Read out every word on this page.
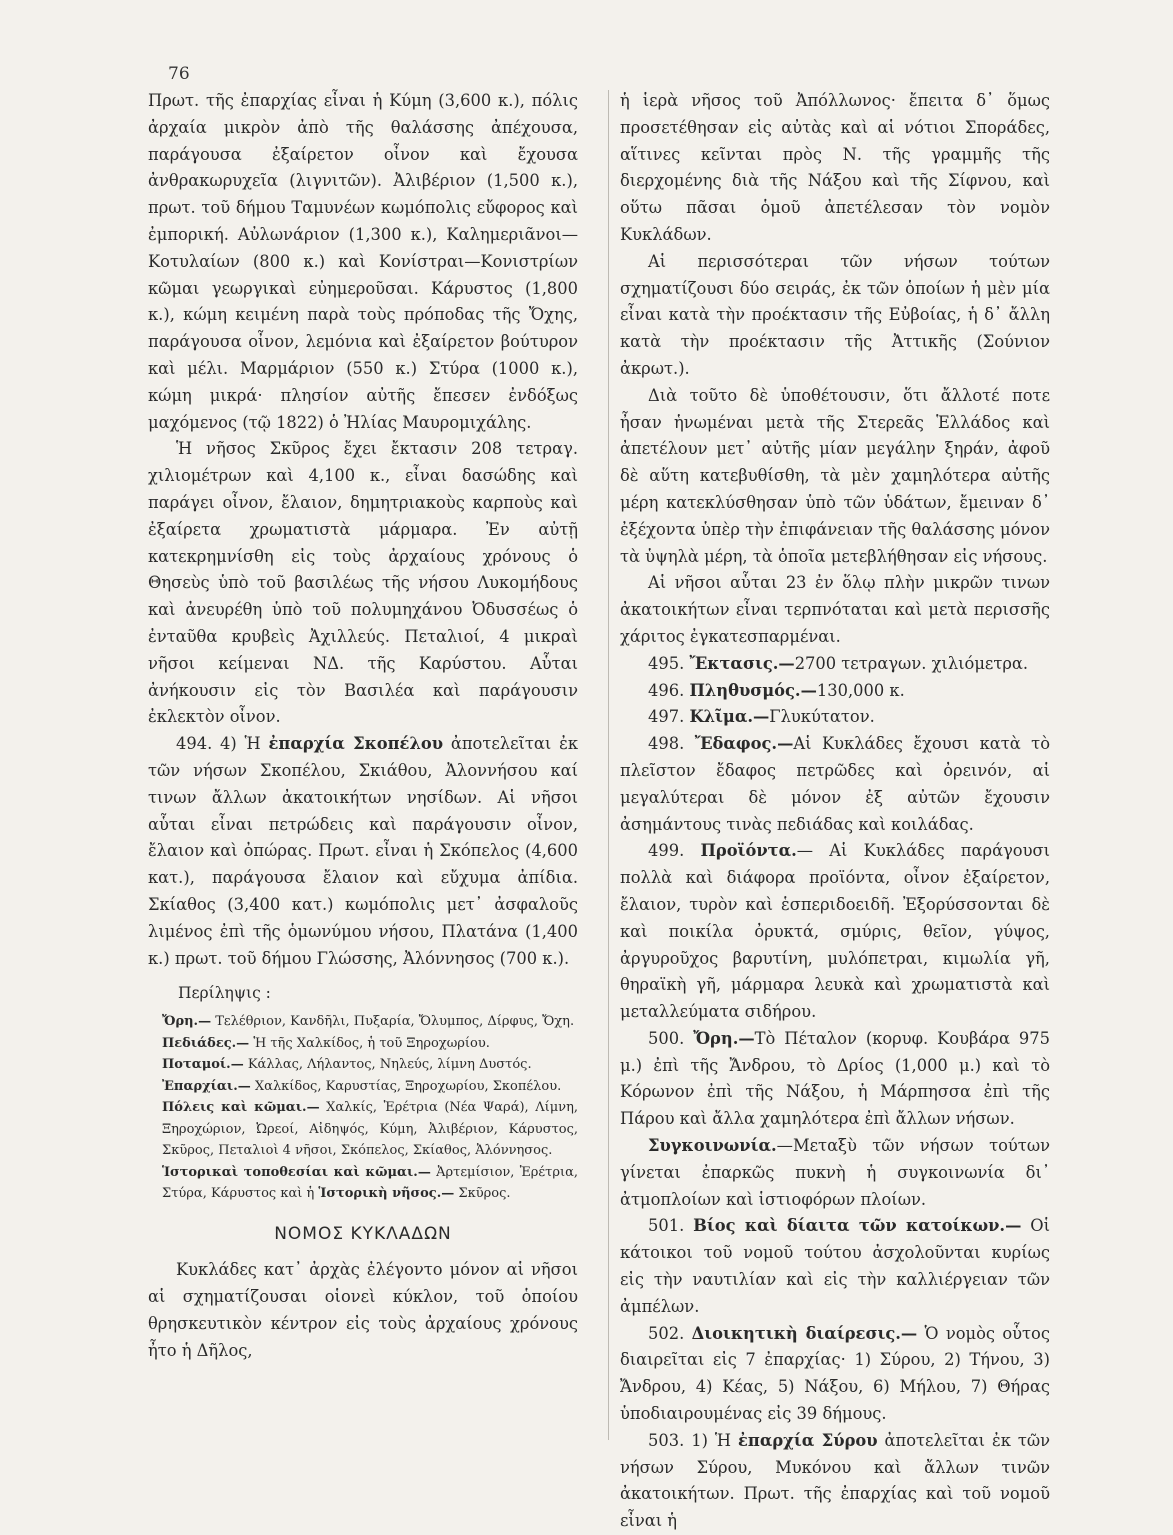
76

Πρωτ. τῆς ἐπαρχίας εἶναι ἡ Κύμη (3,600 κ.), πόλις ἀρχαία μικρὸν ἀπὸ τῆς θαλάσσης ἀπέχουσα, παράγουσα ἐξαίρετον οἶνον καὶ ἔχουσα ἀνθρακωρυχεῖα (λιγνιτῶν). Ἀλιβέριον (1,500 κ.), πρωτ. τοῦ δήμου Ταμυνέων κωμόπολις εὔφορος καὶ ἐμπορική. Αὐλωνάριον (1,300 κ.), Καλημεριᾶνοι—Κοτυλαίων (800 κ.) καὶ Κονίστραι—Κονιστρίων κῶμαι γεωργικαὶ εὐημεροῦσαι. Κάρυστος (1,800 κ.), κώμη κειμένη παρὰ τοὺς πρόποδας τῆς Ὄχης, παράγουσα οἶνον, λεμόνια καὶ ἐξαίρετον βούτυρον καὶ μέλι. Μαρμάριον (550 κ.) Στύρα (1000 κ.), κώμη μικρά· πλησίον αὐτῆς ἔπεσεν ἐνδόξως μαχόμενος (τῷ 1822) ὁ Ἠλίας Μαυρομιχάλης.

Ἡ νῆσος Σκῦρος ἔχει ἔκτασιν 208 τετραγ. χιλιομέτρων καὶ 4,100 κ., εἶναι δασώδης καὶ παράγει οἶνον, ἔλαιον, δημητριακοὺς καρποὺς καὶ ἐξαίρετα χρωματιστὰ μάρμαρα. Ἐν αὐτῇ κατεκρημνίσθη εἰς τοὺς ἀρχαίους χρόνους ὁ Θησεὺς ὑπὸ τοῦ βασιλέως τῆς νήσου Λυκομήδους καὶ ἀνευρέθη ὑπὸ τοῦ πολυμηχάνου Ὀδυσσέως ὁ ἐνταῦθα κρυβεὶς Ἀχιλλεύς. Πεταλιοί, 4 μικραὶ νῆσοι κείμεναι ΝΔ. τῆς Καρύστου. Αὗται ἀνήκουσιν εἰς τὸν Βασιλέα καὶ παράγουσιν ἐκλεκτὸν οἶνον.

494. 4) Ἡ ἐπαρχία Σκοπέλου ἀποτελεῖται ἐκ τῶν νήσων Σκοπέλου, Σκιάθου, Ἀλοννήσου καί τινων ἄλλων ἀκατοικήτων νησίδων. Αἱ νῆσοι αὗται εἶναι πετρώδεις καὶ παράγουσιν οἶνον, ἔλαιον καὶ ὀπώρας. Πρωτ. εἶναι ἡ Σκόπελος (4,600 κατ.), παράγουσα ἔλαιον καὶ εὔχυμα ἀπίδια. Σκίαθος (3,400 κατ.) κωμόπολις μετ᾽ ἀσφαλοῦς λιμένος ἐπὶ τῆς ὁμωνύμου νήσου, Πλατάνα (1,400 κ.) πρωτ. τοῦ δήμου Γλώσσης, Ἀλόννησος (700 κ.).

Περίληψις :

Ὄρη.— Τελέθριον, Κανδῆλι, Πυξαρία, Ὄλυμπος, Δίρφυς, Ὄχη.

Πεδιάδες.— Ἡ τῆς Χαλκίδος, ἡ τοῦ Ξηροχωρίου.

Ποταμοί.— Κάλλας, Λήλαντος, Νηλεύς, λίμνη Δυστός.

Ἐπαρχίαι.— Χαλκίδος, Καρυστίας, Ξηροχωρίου, Σκοπέλου.

Πόλεις καὶ κῶμαι.— Χαλκίς, Ἐρέτρια (Νέα Ψαρά), Λίμνη, Ξηροχώριον, Ὠρεοί, Αἰδηψός, Κύμη, Ἀλιβέριον, Κάρυστος, Σκῦρος, Πεταλιοὶ 4 νῆσοι, Σκόπελος, Σκίαθος, Ἀλόννησος.

Ἱστορικαὶ τοποθεσίαι καὶ κῶμαι.— Ἀρτεμίσιον, Ἐρέτρια, Στύρα, Κάρυστος καὶ ἡ Ἱστορικὴ νῆσος.— Σκῦρος.

ΝΟΜΟΣ ΚΥΚΛΑΔΩΝ

Κυκλάδες κατ᾽ ἀρχὰς ἐλέγοντο μόνον αἱ νῆσοι αἱ σχηματίζουσαι οἱονεὶ κύκλον, τοῦ ὁποίου θρησκευτικὸν κέντρον εἰς τοὺς ἀρχαίους χρόνους ἦτο ἡ Δῆλος,

ἡ ἱερὰ νῆσος τοῦ Ἀπόλλωνος· ἔπειτα δ᾽ ὅμως προσετέθησαν εἰς αὐτὰς καὶ αἱ νότιοι Σποράδες, αἵτινες κεῖνται πρὸς Ν. τῆς γραμμῆς τῆς διερχομένης διὰ τῆς Νάξου καὶ τῆς Σίφνου, καὶ οὕτω πᾶσαι ὁμοῦ ἀπετέλεσαν τὸν νομὸν Κυκλάδων.

Αἱ περισσότεραι τῶν νήσων τούτων σχηματίζουσι δύο σειράς, ἐκ τῶν ὁποίων ἡ μὲν μία εἶναι κατὰ τὴν προέκτασιν τῆς Εὐβοίας, ἡ δ᾽ ἄλλη κατὰ τὴν προέκτασιν τῆς Ἀττικῆς (Σούνιον ἀκρωτ.).

Διὰ τοῦτο δὲ ὑποθέτουσιν, ὅτι ἄλλοτέ ποτε ἦσαν ἡνωμέναι μετὰ τῆς Στερεᾶς Ἑλλάδος καὶ ἀπετέλουν μετ᾽ αὐτῆς μίαν μεγάλην ξηράν, ἀφοῦ δὲ αὕτη κατεβυθίσθη, τὰ μὲν χαμηλότερα αὐτῆς μέρη κατεκλύσθησαν ὑπὸ τῶν ὑδάτων, ἔμειναν δ᾽ ἐξέχοντα ὑπὲρ τὴν ἐπιφάνειαν τῆς θαλάσσης μόνον τὰ ὑψηλὰ μέρη, τὰ ὁποῖα μετεβλήθησαν εἰς νήσους.

Αἱ νῆσοι αὗται 23 ἐν ὅλῳ πλὴν μικρῶν τινων ἀκατοικήτων εἶναι τερπνόταται καὶ μετὰ περισσῆς χάριτος ἐγκατεσπαρμέναι.

495. Ἔκτασις.—2700 τετραγων. χιλιόμετρα.

496. Πληθυσμός.—130,000 κ.

497. Κλῖμα.—Γλυκύτατον.

498. Ἔδαφος.—Αἱ Κυκλάδες ἔχουσι κατὰ τὸ πλεῖστον ἔδαφος πετρῶδες καὶ ὀρεινόν, αἱ μεγαλύτεραι δὲ μόνον ἐξ αὐτῶν ἔχουσιν ἀσημάντους τινὰς πεδιάδας καὶ κοιλάδας.

499. Προϊόντα.— Αἱ Κυκλάδες παράγουσι πολλὰ καὶ διάφορα προϊόντα, οἶνον ἐξαίρετον, ἔλαιον, τυρὸν καὶ ἑσπεριδοειδῆ. Ἐξορύσσονται δὲ καὶ ποικίλα ὀρυκτά, σμύρις, θεῖον, γύψος, ἀργυροῦχος βαρυτίνη, μυλόπετραι, κιμωλία γῆ, θηραϊκὴ γῆ, μάρμαρα λευκὰ καὶ χρωματιστὰ καὶ μεταλλεύματα σιδήρου.

500. Ὄρη.—Τὸ Πέταλον (κορυφ. Κουβάρα 975 μ.) ἐπὶ τῆς Ἄνδρου, τὸ Δρίος (1,000 μ.) καὶ τὸ Κόρωνον ἐπὶ τῆς Νάξου, ἡ Μάρπησσα ἐπὶ τῆς Πάρου καὶ ἄλλα χαμηλότερα ἐπὶ ἄλλων νήσων.

Συγκοινωνία.—Μεταξὺ τῶν νήσων τούτων γίνεται ἐπαρκῶς πυκνὴ ἡ συγκοινωνία δι᾽ ἀτμοπλοίων καὶ ἱστιοφόρων πλοίων.

501. Βίος καὶ δίαιτα τῶν κατοίκων.— Οἱ κάτοικοι τοῦ νομοῦ τούτου ἀσχολοῦνται κυρίως εἰς τὴν ναυτιλίαν καὶ εἰς τὴν καλλιέργειαν τῶν ἀμπέλων.

502. Διοικητικὴ διαίρεσις.— Ὁ νομὸς οὗτος διαιρεῖται εἰς 7 ἐπαρχίας· 1) Σύρου, 2) Τήνου, 3) Ἄνδρου, 4) Κέας, 5) Νάξου, 6) Μήλου, 7) Θήρας ὑποδιαιρουμένας εἰς 39 δήμους.

503. 1) Ἡ ἐπαρχία Σύρου ἀποτελεῖται ἐκ τῶν νήσων Σύρου, Μυκόνου καὶ ἄλλων τινῶν ἀκατοικήτων. Πρωτ. τῆς ἐπαρχίας καὶ τοῦ νομοῦ εἶναι ἡ
